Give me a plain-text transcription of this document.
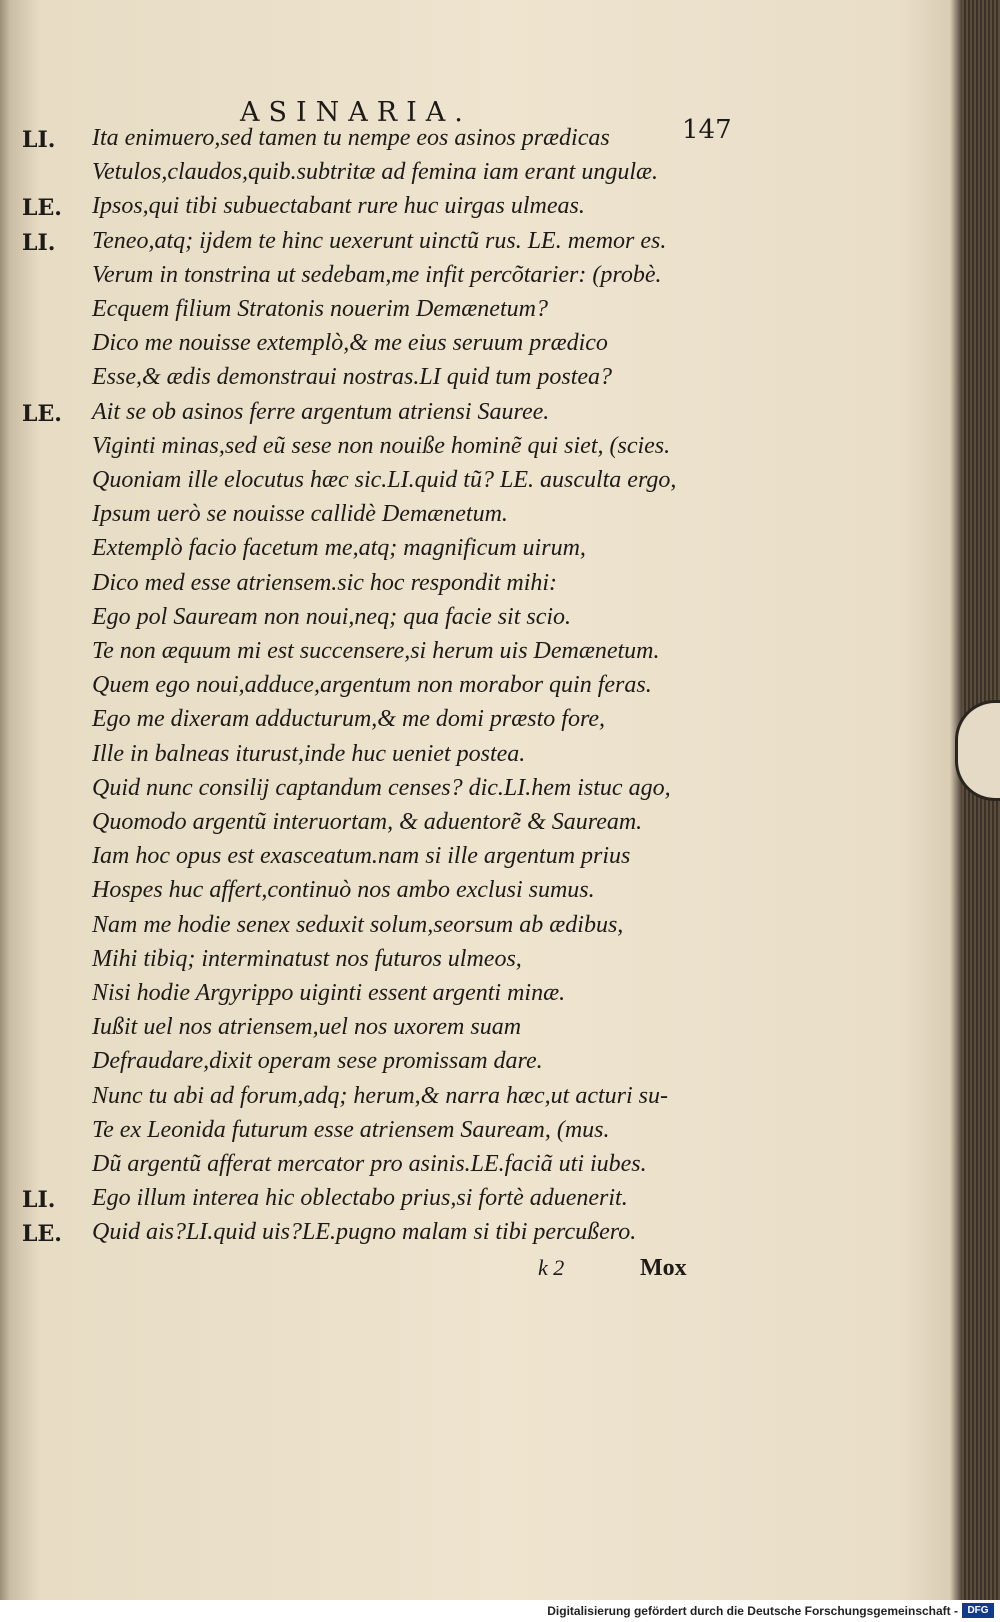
ASINARIA.
147
LI. Ita enimuero,sed tamen tu nempe eos asinos prædicas
Vetulos,claudos,quib.subtritæ ad femina iam erant ungulæ.
LE. Ipsos,qui tibi subuectabant rure huc uirgas ulmeas.
LI. Teneo,atq; ijdem te hinc uexerunt uinctũ rus. LE. memor es.
Verum in tonstrina ut sedebam,me infit percõtarier: (probè.
Ecquem filium Stratonis nouerim Demænetum?
Dico me nouisse extemplò,& me eius seruum prædico
Esse,& ædis demonstraui nostras.LI quid tum postea?
LE. Ait se ob asinos ferre argentum atriensi Sauree.
Viginti minas,sed eũ sese non nouiße hominẽ qui siet, (scies.
Quoniam ille elocutus hæc sic.LI.quid tũ? LE. ausculta ergo,
Ipsum uerò se nouisse callidè Demænetum.
Extemplò facio facetum me,atq; magnificum uirum,
Dico med esse atriensem.sic hoc respondit mihi:
Ego pol Sauream non noui,neq; qua facie sit scio.
Te non æquum mi est succensere,si herum uis Demænetum.
Quem ego noui,adduce,argentum non morabor quin feras.
Ego me dixeram adducturum,& me domi præsto fore,
Ille in balneas iturust,inde huc ueniet postea.
Quid nunc consilij captandum censes? dic.LI.hem istuc ago,
Quomodo argentũ interuortam, & aduentorẽ & Sauream.
Iam hoc opus est exasceatum.nam si ille argentum prius
Hospes huc affert,continuò nos ambo exclusi sumus.
Nam me hodie senex seduxit solum,seorsum ab ædibus,
Mihi tibiq; interminatust nos futuros ulmeos,
Nisi hodie Argyrippo uiginti essent argenti minæ.
Iußit uel nos atriensem,uel nos uxorem suam
Defraudare,dixit operam sese promissam dare.
Nunc tu abi ad forum,adq; herum,& narra hæc,ut acturi su-
Te ex Leonida futurum esse atriensem Sauream, (mus.
Dũ argentũ afferat mercator pro asinis.LE.faciã uti iubes.
LI. Ego illum interea hic oblectabo prius,si fortè aduenerit.
LE. Quid ais?LI.quid uis?LE.pugno malam si tibi percußero.
k 2	Mox
Digitalisierung gefördert durch die Deutsche Forschungsgemeinschaft - DFG
